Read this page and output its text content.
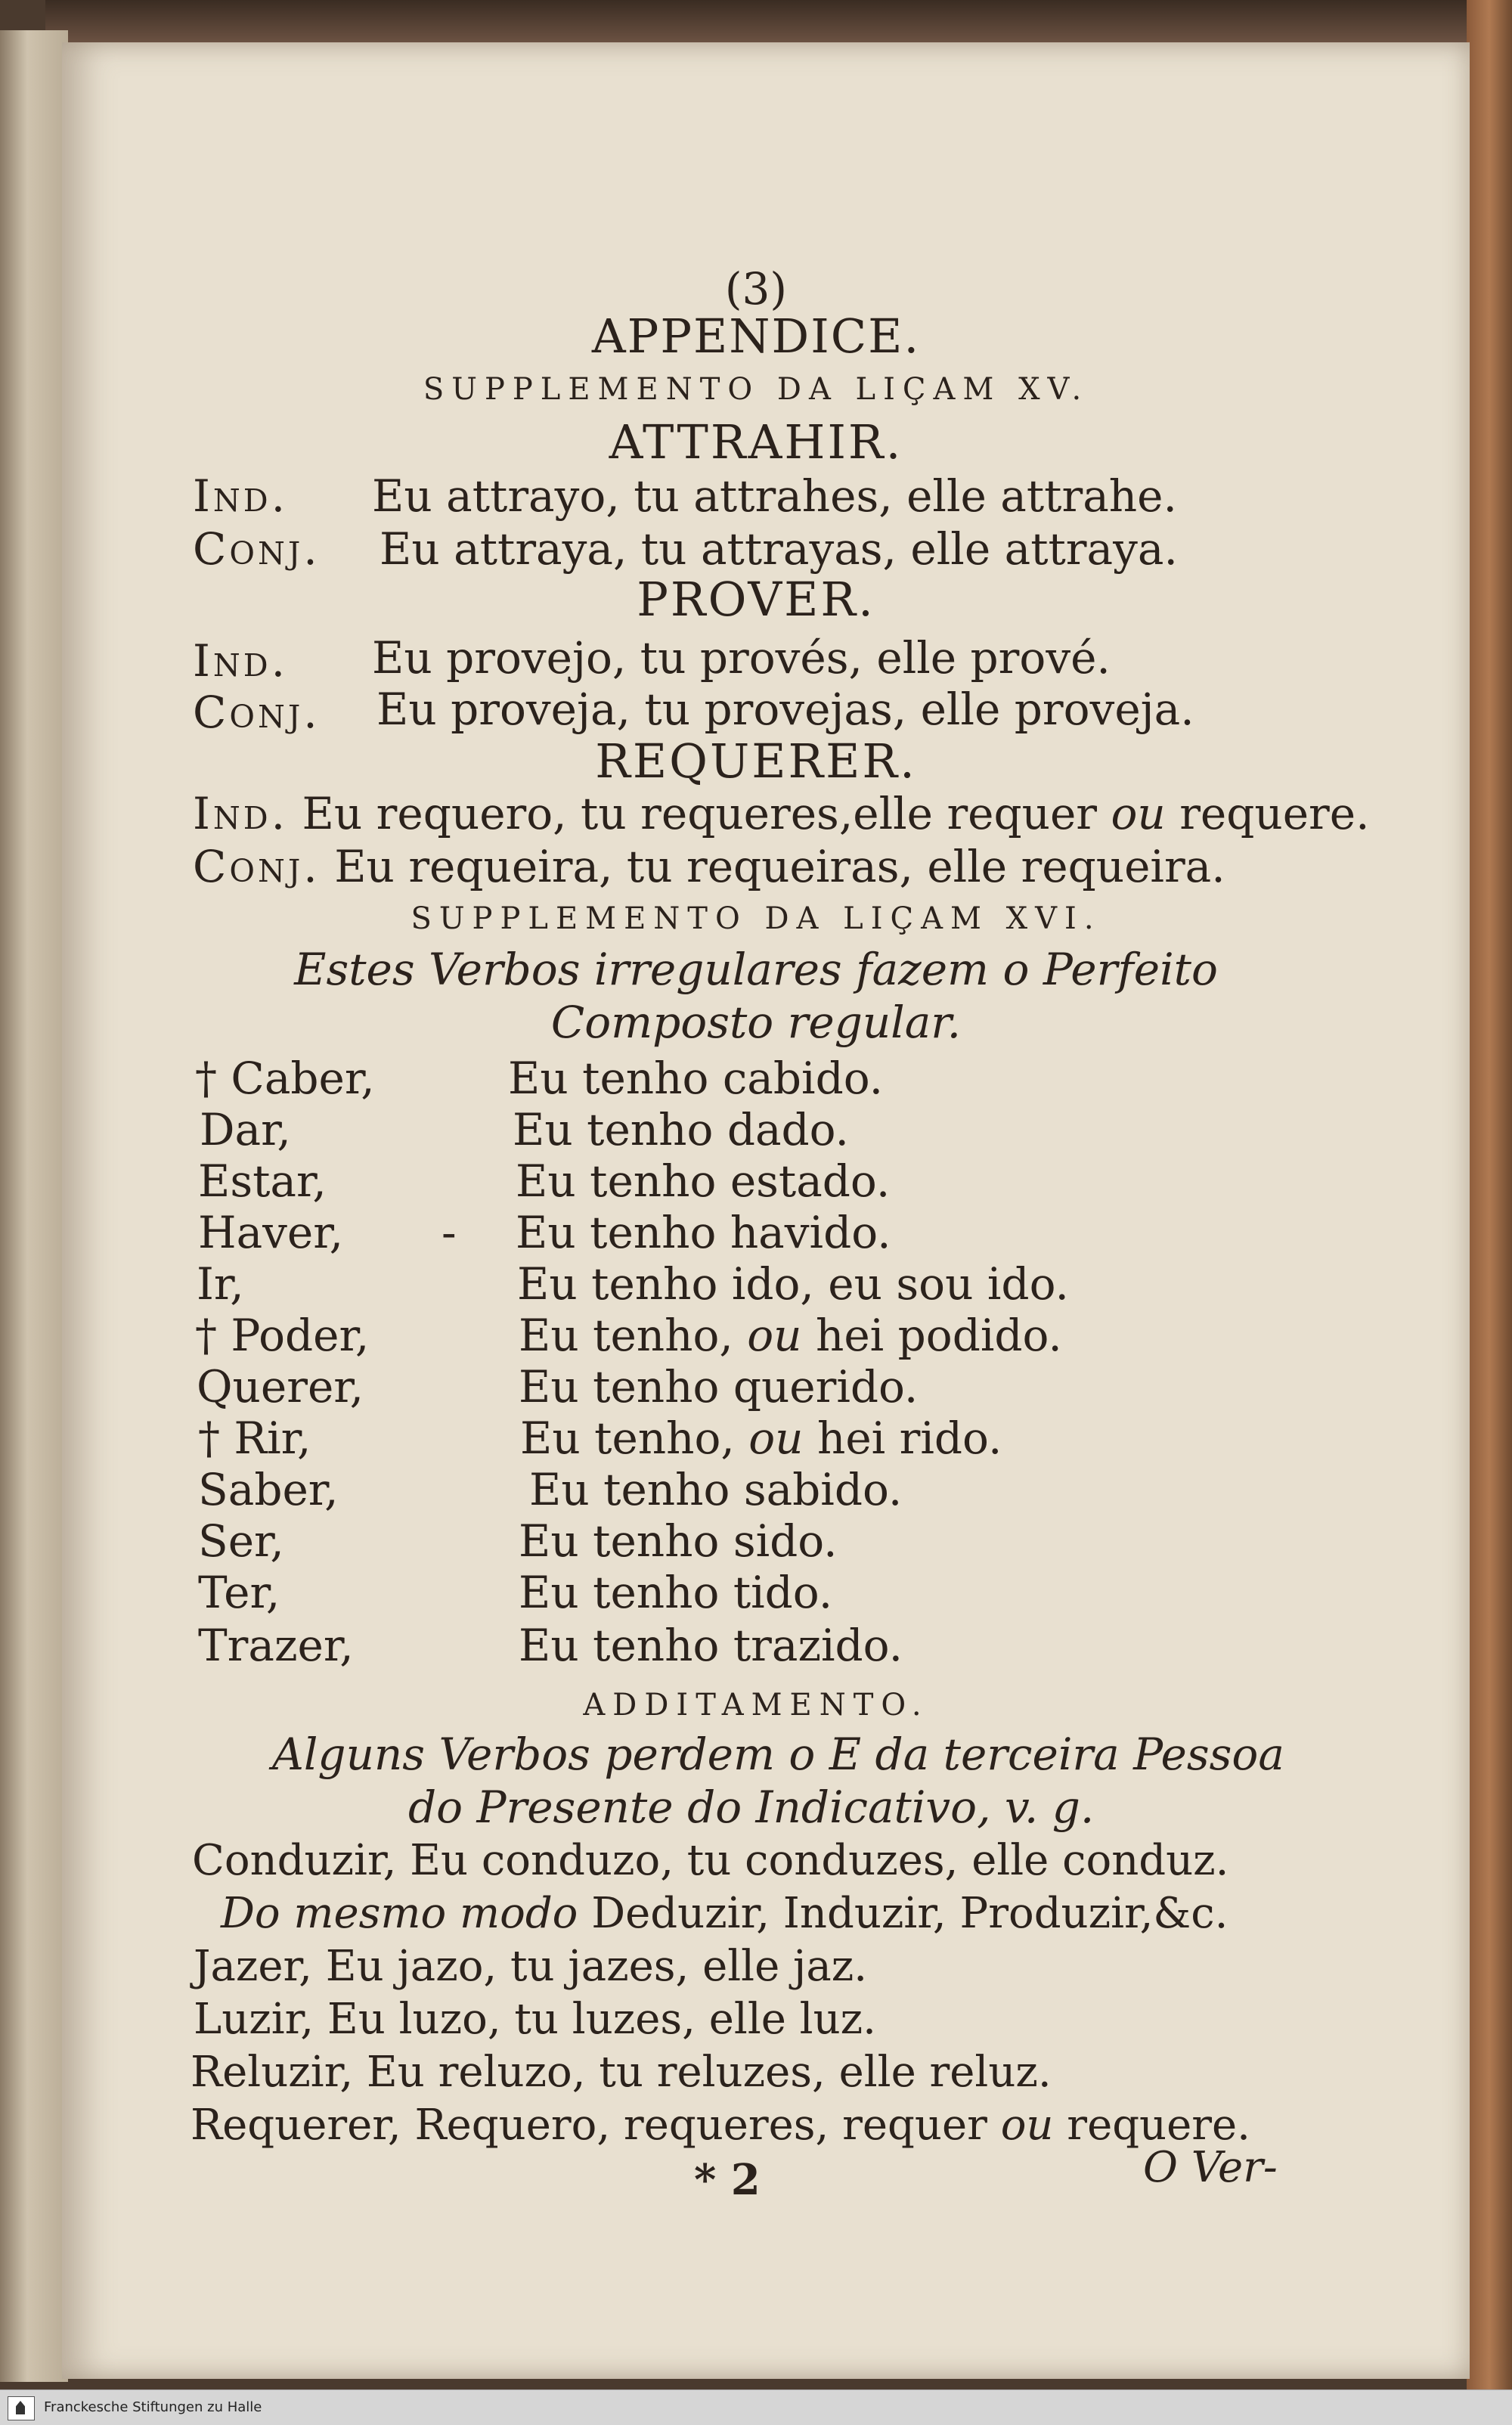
(3)
APPENDICE.
SUPPLEMENTO DA LIÇAM XV.
ATTRAHIR.
Ind. Eu attrayo, tu attrahes, elle attrahe.
Conj. Eu attraya, tu attrayas, elle attraya.
PROVER.
Ind. Eu provejo, tu provés, elle prové.
Conj. Eu proveja, tu provejas, elle proveja.
REQUERER.
Ind. Eu requero, tu requeres,elle requer ou requere.
Conj. Eu requeira, tu requeiras, elle requeira.
SUPPLEMENTO DA LIÇAM XVI.
Estes Verbos irregulares fazem o Perfeito
Composto regular.
† Caber,	Eu tenho cabido.
Dar,	Eu tenho dado.
Estar,	Eu tenho estado.
Haver, - Eu tenho havido.
Ir,	Eu tenho ido, eu sou ido.
† Poder,	Eu tenho, ou hei podido.
Querer,	Eu tenho querido.
† Rir,	Eu tenho, ou hei rido.
Saber,	Eu tenho sabido.
Ser,	Eu tenho sido.
Ter,	Eu tenho tido.
Trazer,	Eu tenho trazido.
ADDITAMENTO.
Alguns Verbos perdem o E da terceira Pessoa
do Presente do Indicativo, v. g.
Conduzir, Eu conduzo, tu conduzes, elle conduz.
Do mesmo modo Deduzir, Induzir, Produzir,&c.
Jazer, Eu jazo, tu jazes, elle jaz.
Luzir, Eu luzo, tu luzes, elle luz.
Reluzir, Eu reluzo, tu reluzes, elle reluz.
Requerer, Requero, requeres, requer ou requere.
* 2	O Ver-
Franckesche Stiftungen zu Halle
